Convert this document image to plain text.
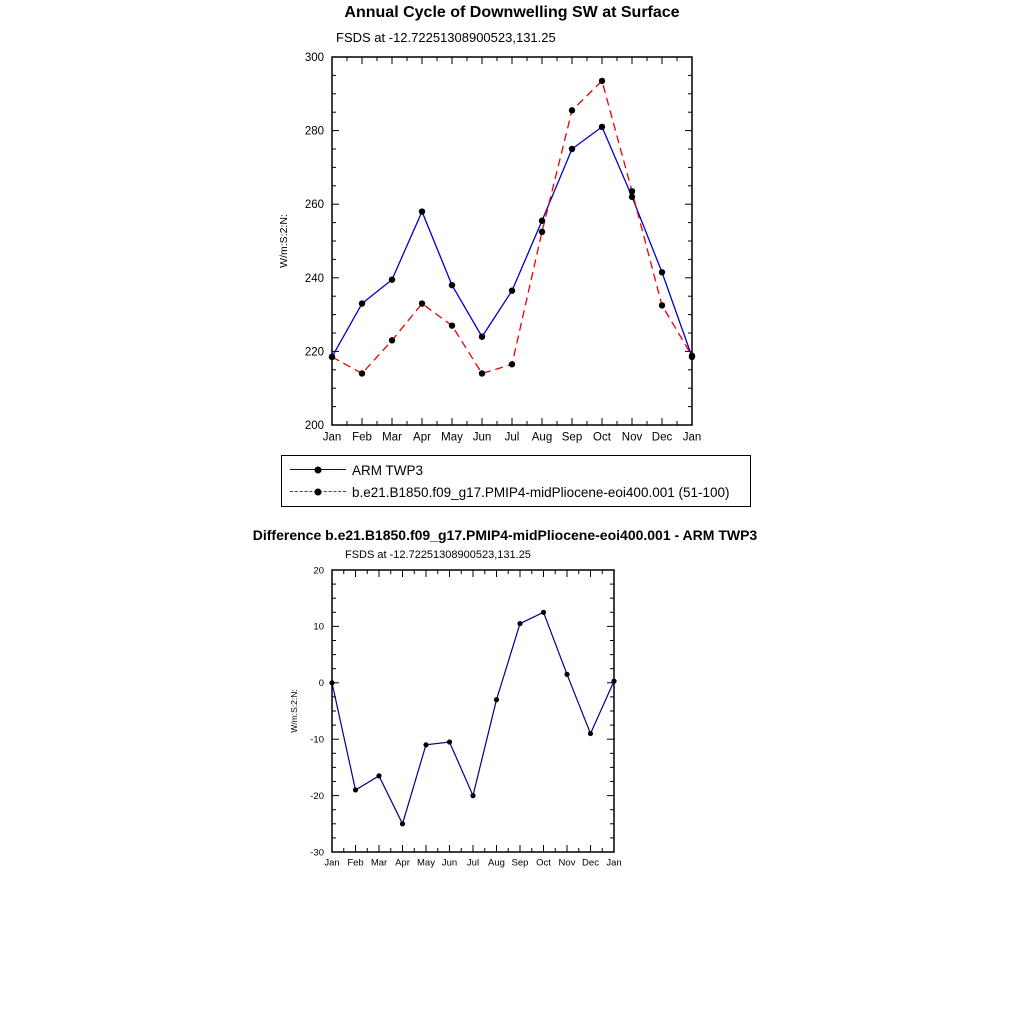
Annual Cycle of Downwelling SW at Surface
FSDS at -12.72251308900523,131.25
Jan Feb Mar Apr May Jun Jul Aug Sep Oct Nov Dec Jan
200
220
240
260
280
300
W/m:S:2:N:
ARM TWP3
b.e21.B1850.f09_g17.PMIP4-midPliocene-eoi400.001 (51-100)
Difference b.e21.B1850.f09_g17.PMIP4-midPliocene-eoi400.001 - ARM TWP3
FSDS at -12.72251308900523,131.25
Jan Feb Mar Apr May Jun Jul Aug Sep Oct Nov Dec Jan
-30
-20
-10
0
10
20
W/m:S:2:N:
